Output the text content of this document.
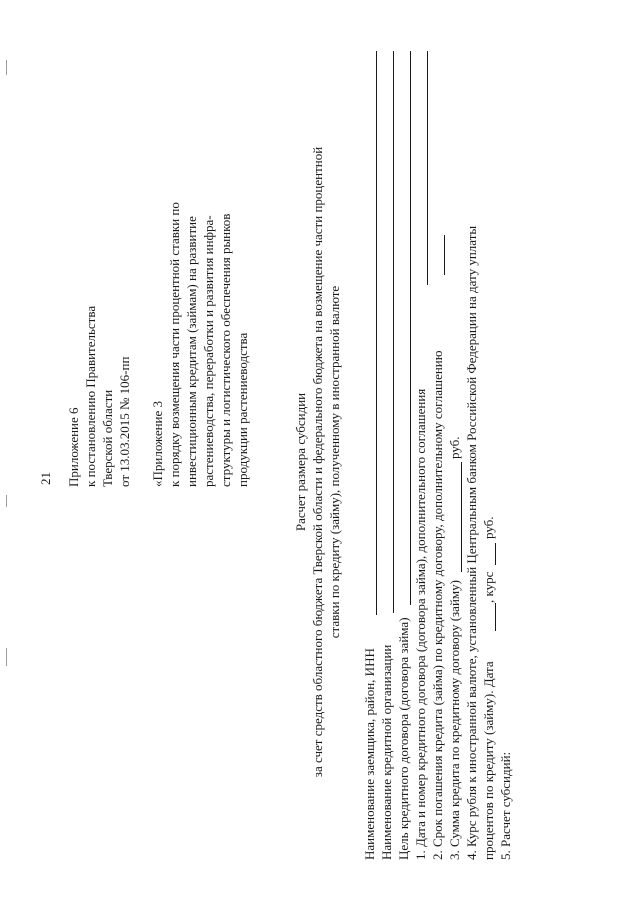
21 Приложение 6 к постановлению Правительства Тверской области от 13.03.2015 № 106-пп «Приложение 3 к порядку возмещения части процентной ставки по инвестиционным кредитам (займам) на развитие растениеводства, переработки и развития инфра- структуры и логистического обеспечения рынков продукции растениеводства	Расчет размера субсидии за счет средств областного бюджета Тверской области и федерального бюджета на возмещение части процентной ставки по кредиту (займу), полученному в иностранной валюте
Наименование заемщика, район, ИНН Наименование кредитной организации Цель кредитного договора (договора займа) 1. Дата и номер кредитного договора (договора займа), дополнительного соглашения 2. Срок погашения кредита (займа) по кредитному договору, дополнительному соглашению 3. Сумма кредита по кредитному договору (займу)
руб. 4. Курс рубля к иностранной валюте, установленный Центральным банком Российской Федерации на дату уплаты процентов по кредиту (займу). Дата
, курс
руб.
5. Расчет субсидий:
